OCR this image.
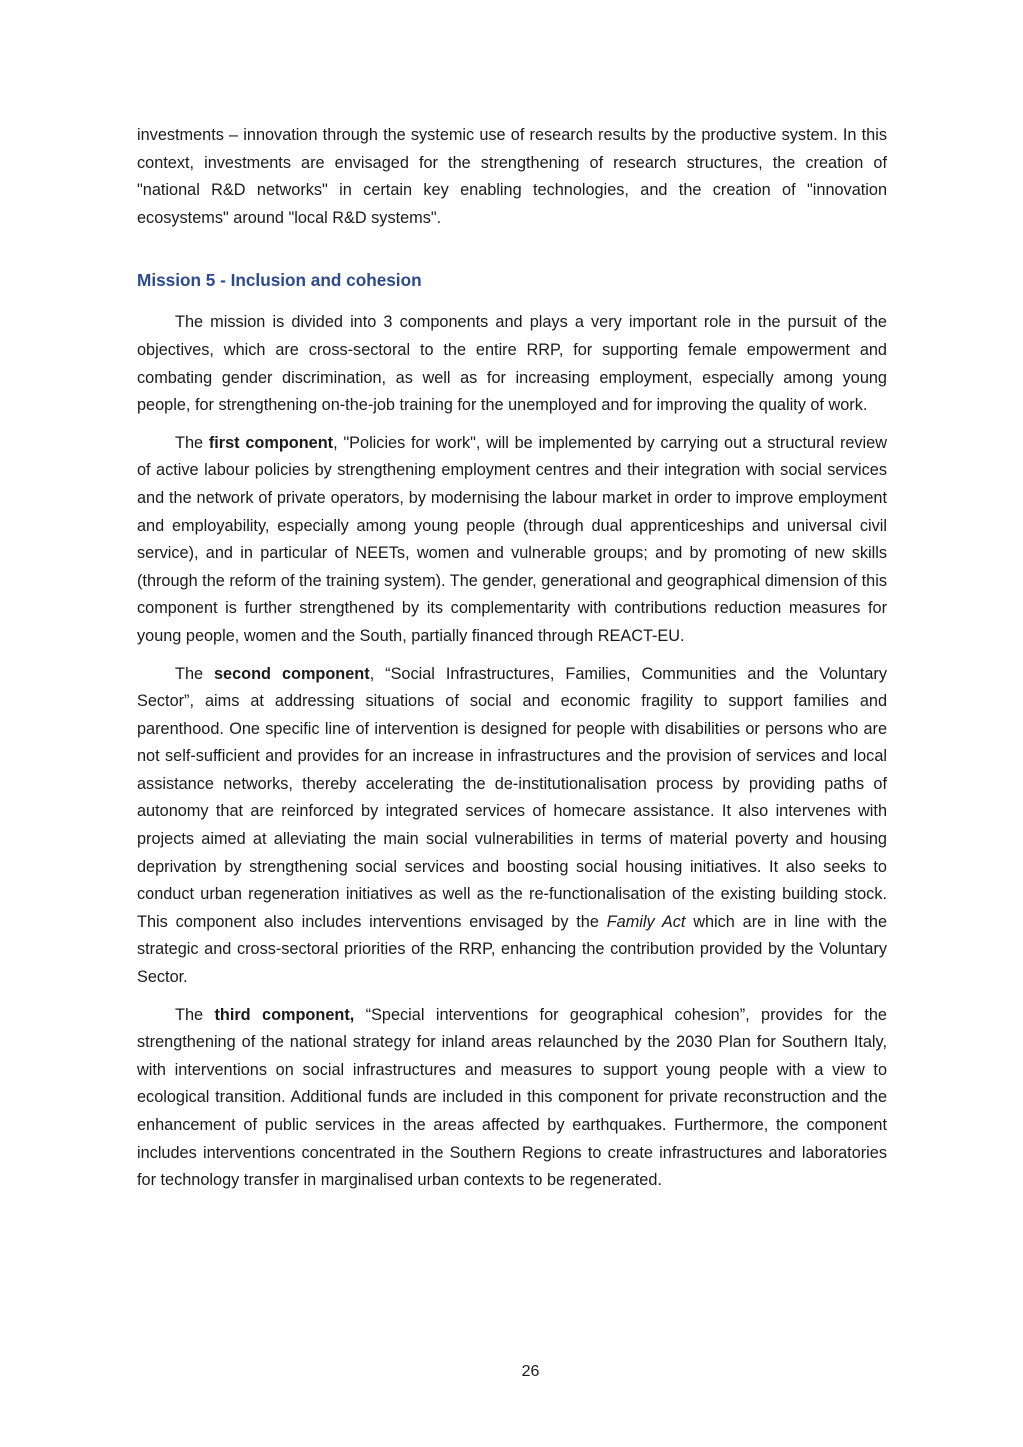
investments – innovation through the systemic use of research results by the productive system. In this context, investments are envisaged for the strengthening of research structures, the creation of "national R&D networks" in certain key enabling technologies, and the creation of "innovation ecosystems" around "local R&D systems".

Mission 5 - Inclusion and cohesion

The mission is divided into 3 components and plays a very important role in the pursuit of the objectives, which are cross-sectoral to the entire RRP, for supporting female empowerment and combating gender discrimination, as well as for increasing employment, especially among young people, for strengthening on-the-job training for the unemployed and for improving the quality of work.

The first component, "Policies for work", will be implemented by carrying out a structural review of active labour policies by strengthening employment centres and their integration with social services and the network of private operators, by modernising the labour market in order to improve employment and employability, especially among young people (through dual apprenticeships and universal civil service), and in particular of NEETs, women and vulnerable groups; and by promoting of new skills (through the reform of the training system). The gender, generational and geographical dimension of this component is further strengthened by its complementarity with contributions reduction measures for young people, women and the South, partially financed through REACT-EU.

The second component, “Social Infrastructures, Families, Communities and the Voluntary Sector”, aims at addressing situations of social and economic fragility to support families and parenthood. One specific line of intervention is designed for people with disabilities or persons who are not self-sufficient and provides for an increase in infrastructures and the provision of services and local assistance networks, thereby accelerating the de-institutionalisation process by providing paths of autonomy that are reinforced by integrated services of homecare assistance. It also intervenes with projects aimed at alleviating the main social vulnerabilities in terms of material poverty and housing deprivation by strengthening social services and boosting social housing initiatives. It also seeks to conduct urban regeneration initiatives as well as the re-functionalisation of the existing building stock. This component also includes interventions envisaged by the Family Act which are in line with the strategic and cross-sectoral priorities of the RRP, enhancing the contribution provided by the Voluntary Sector.

The third component, “Special interventions for geographical cohesion”, provides for the strengthening of the national strategy for inland areas relaunched by the 2030 Plan for Southern Italy, with interventions on social infrastructures and measures to support young people with a view to ecological transition. Additional funds are included in this component for private reconstruction and the enhancement of public services in the areas affected by earthquakes. Furthermore, the component includes interventions concentrated in the Southern Regions to create infrastructures and laboratories for technology transfer in marginalised urban contexts to be regenerated.

26
